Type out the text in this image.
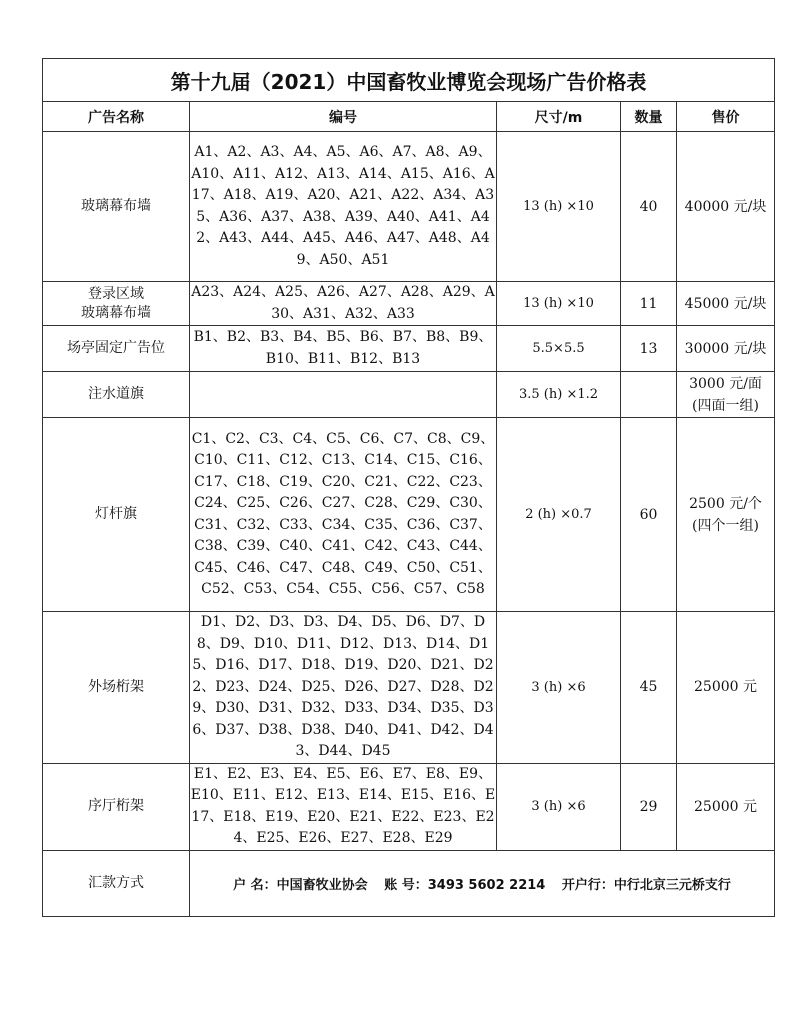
第十九届（2021）中国畜牧业博览会现场广告价格表				
广告名称	编号	尺寸/m	数量	售价
玻璃幕布墙	A1、A2、A3、A4、A5、A6、A7、A8、A9、A10、A11、A12、A13、A14、A15、A16、A17、A18、A19、A20、A21、A22、A34、A35、A36、A37、A38、A39、A40、A41、A42、A43、A44、A45、A46、A47、A48、A49、A50、A51	13 (h) ×10	40	40000 元/块

登录区域
玻璃幕布墙	A23、A24、A25、A26、A27、A28、A29、A30、A31、A32、A33	13 (h) ×10	11	45000 元/块
场亭固定广告位	B1、B2、B3、B4、B5、B6、B7、B8、B9、B10、B11、B12、B13	5.5×5.5	13	30000 元/块
注水道旗		3.5 (h) ×1.2		3000 元/面
(四面一组)

灯杆旗	C1、C2、C3、C4、C5、C6、C7、C8、C9、C10、C11、C12、C13、C14、C15、C16、C17、C18、C19、C20、C21、C22、C23、C24、C25、C26、C27、C28、C29、C30、C31、C32、C33、C34、C35、C36、C37、C38、C39、C40、C41、C42、C43、C44、C45、C46、C47、C48、C49、C50、C51、C52、C53、C54、C55、C56、C57、C58	2 (h) ×0.7	60	2500 元/个
(四个一组)

外场桁架	D1、D2、D3、D3、D4、D5、D6、D7、D8、D9、D10、D11、D12、D13、D14、D15、D16、D17、D18、D19、D20、D21、D22、D23、D24、D25、D26、D27、D28、D29、D30、D31、D32、D33、D34、D35、D36、D37、D38、D38、D40、D41、D42、D43、D44、D45	3 (h) ×6	45	25000 元
序厅桁架	E1、E2、E3、E4、E5、E6、E7、E8、E9、E10、E11、E12、E13、E14、E15、E16、E17、E18、E19、E20、E21、E22、E23、E24、E25、E26、E27、E28、E29	3 (h) ×6	29	25000 元
汇款方式	户 名：中国畜牧业协会 账 号：3493 5602 2214 开户行：中行北京三元桥支行			
